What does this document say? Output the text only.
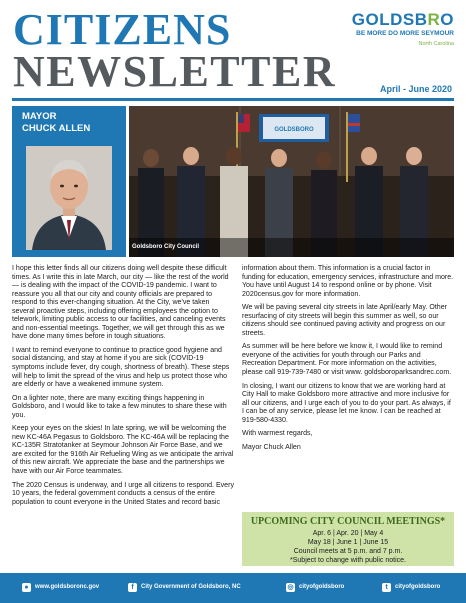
CITIZENS
NEWSLETTER
GOLDSBRO
BE MORE DO MORE SEYMOUR
North Carolina
April - June 2020
MAYOR
CHUCK ALLEN	GOLDSBORO
Goldsboro City Council

I hope this letter finds all our citizens doing well despite these difficult times. As I write this in late March, our city — like the rest of the world — is dealing with the impact of the COVID-19 pandemic. I want to reassure you all that our city and county officials are prepared to respond to this ever-changing situation. At the City, we've taken several proactive steps, including offering employees the option to telework, limiting public access to our facilities, and canceling events and non-essential meetings. Together, we will get through this as we have done many times before in tough situations.

I want to remind everyone to continue to practice good hygiene and social distancing, and stay at home if you are sick (COVID-19 symptoms include fever, dry cough, shortness of breath). These steps will help to limit the spread of the virus and help us protect those who are elderly or have a weakened immune system.

On a lighter note, there are many exciting things happening in Goldsboro, and I would like to take a few minutes to share these with you.

Keep your eyes on the skies! In late spring, we will be welcoming the new KC-46A Pegasus to Goldsboro. The KC-46A will be replacing the KC-135R Stratotanker at Seymour Johnson Air Force Base, and we are excited for the 916th Air Refueling Wing as we anticipate the arrival of this new aircraft. We appreciate the base and the partnerships we have with our Air Force teammates.

The 2020 Census is underway, and I urge all citizens to respond. Every 10 years, the federal government conducts a census of the entire population to count everyone in the United States and record basic

information about them. This information is a crucial factor in funding for education, emergency services, infrastructure and more. You have until August 14 to respond online or by phone. Visit 2020census.gov for more information.

We will be paving several city streets in late April/early May. Other resurfacing of city streets will begin this summer as well, so our citizens should see continued paving activity and progress on our streets.

As summer will be here before we know it, I would like to remind everyone of the activities for youth through our Parks and Recreation Department. For more information on the activities, please call 919-739-7480 or visit www. goldsboroparksandrec.com.

In closing, I want our citizens to know that we are working hard at City Hall to make Goldsboro more attractive and more inclusive for all our citizens, and I urge each of you to do your part. As always, if I can be of any service, please let me know. I can be reached at 919-580-4330.

With warmest regards,

Mayor Chuck Allen

UPCOMING CITY COUNCIL MEETINGS*
Apr. 6 | Apr. 20 | May 4
May 18 | June 1 | June 15
Council meets at 5 p.m. and 7 p.m.
*Subject to change with public notice.
●	www.goldsboronc.gov	f	City Government of Goldsboro, NC	◎ cityofgoldsboro	t	cityofgoldsboro
